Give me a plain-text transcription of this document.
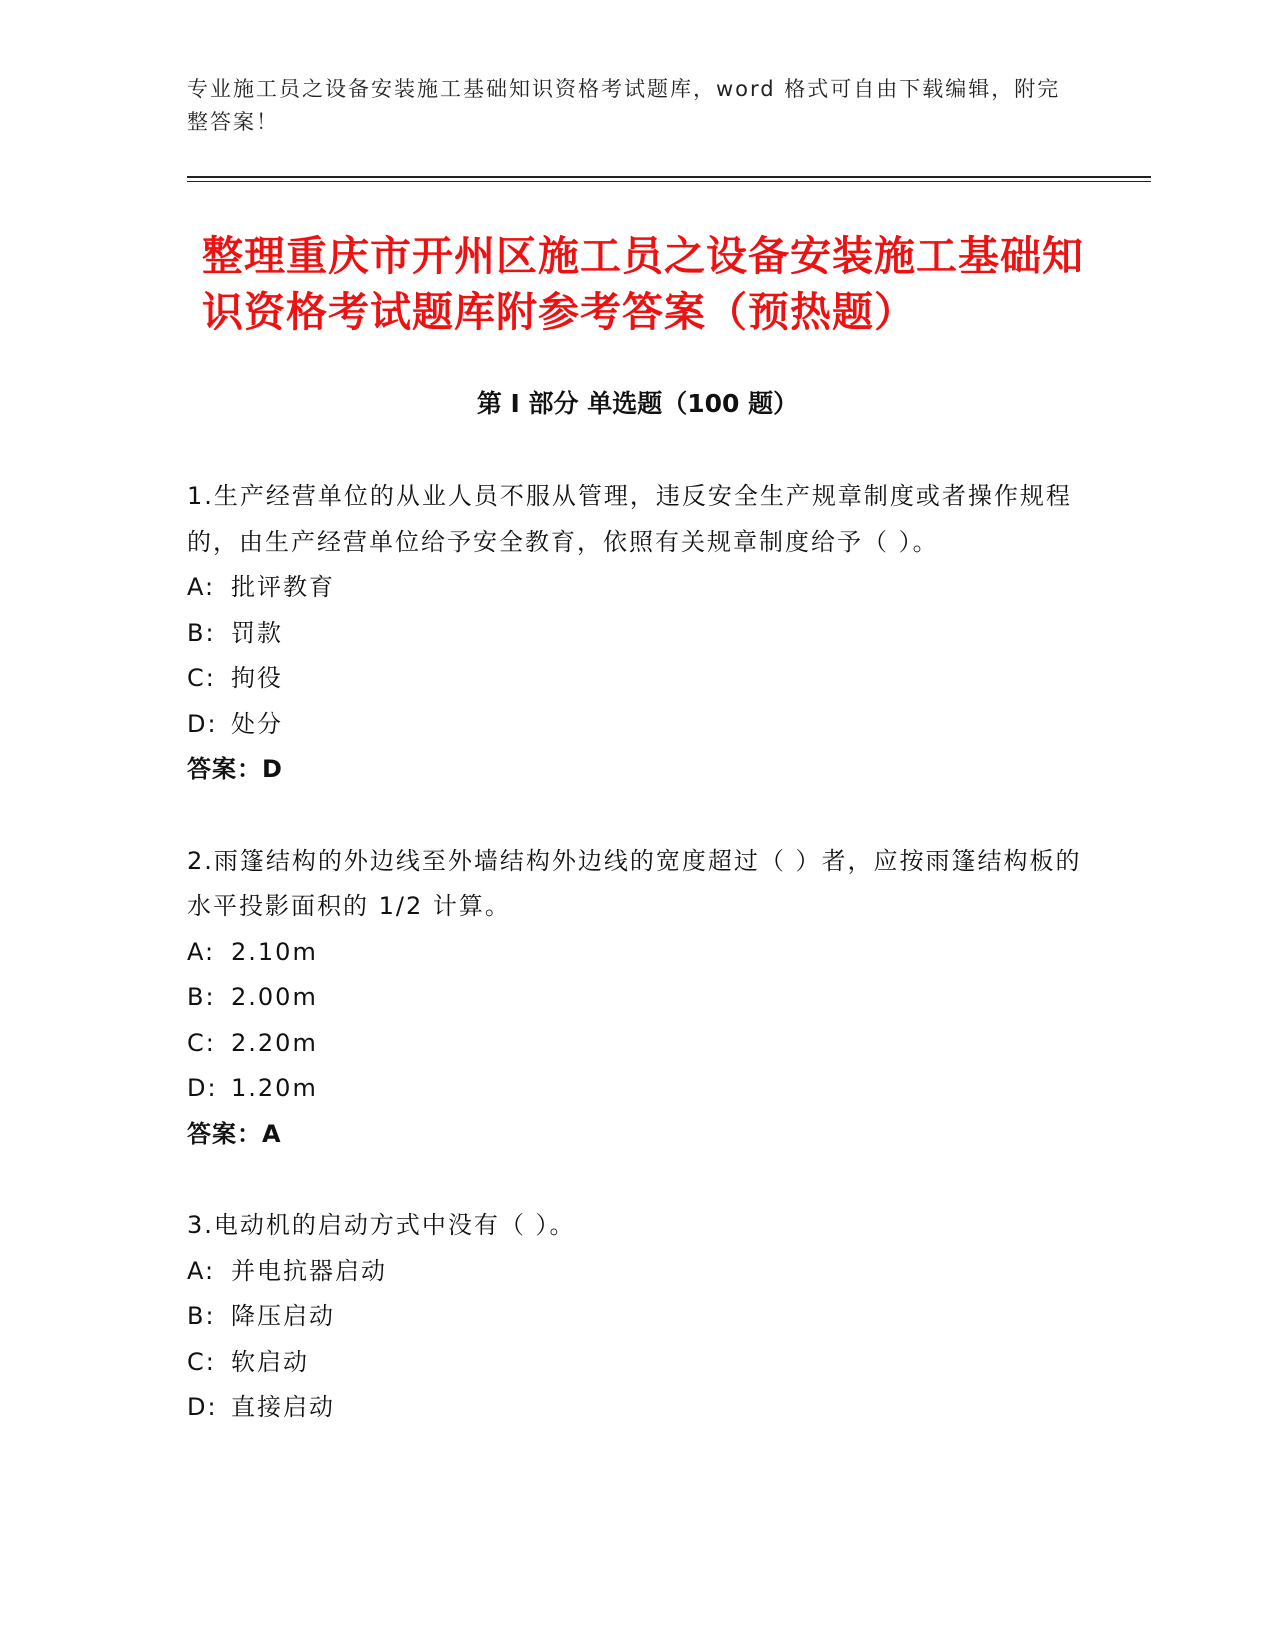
专业施工员之设备安装施工基础知识资格考试题库，word 格式可自由下载编辑，附完整答案！
整理重庆市开州区施工员之设备安装施工基础知识资格考试题库附参考答案（预热题）
第 I 部分 单选题（100 题）
1.生产经营单位的从业人员不服从管理，违反安全生产规章制度或者操作规程的，由生产经营单位给予安全教育，依照有关规章制度给予（ ）。
A: 批评教育
B: 罚款
C: 拘役
D: 处分
答案：D
2.雨篷结构的外边线至外墙结构外边线的宽度超过（ ）者，应按雨篷结构板的水平投影面积的 1/2 计算。
A: 2.10m
B: 2.00m
C: 2.20m
D: 1.20m
答案：A
3.电动机的启动方式中没有（ ）。
A: 并电抗器启动
B: 降压启动
C: 软启动
D: 直接启动
